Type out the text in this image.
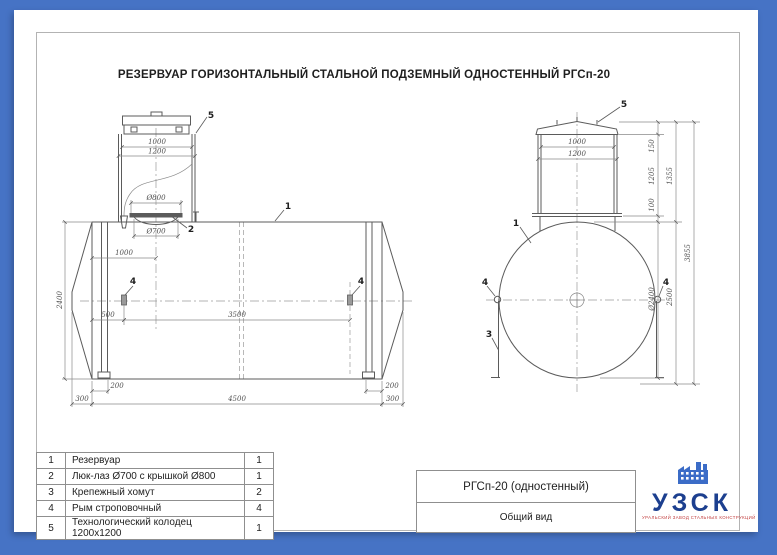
РЕЗЕРВУАР ГОРИЗОНТАЛЬНЫЙ СТАЛЬНОЙ ПОДЗЕМНЫЙ ОДНОСТЕННЫЙ РГСп-20
1	Резервуар	1
2	Люк-лаз Ø700 с крышкой Ø800	1
3	Крепежный хомут	2
4	Рым строповочный	4
5	Технологический колодец 1200х1200	1
РГСп-20 (одностенный)
Общий вид	УЗСК
УРАЛЬСКИЙ ЗАВОД СТАЛЬНЫХ КОНСТРУКЦИЙ
1000
1200
Ø800
Ø700
1000
500	3500
2400
200	200
300	4500	300
5
1
2
4	4
1000
1200
150
1205
100
Ø2400
1355
2500
3855
5
1
3
4	4
